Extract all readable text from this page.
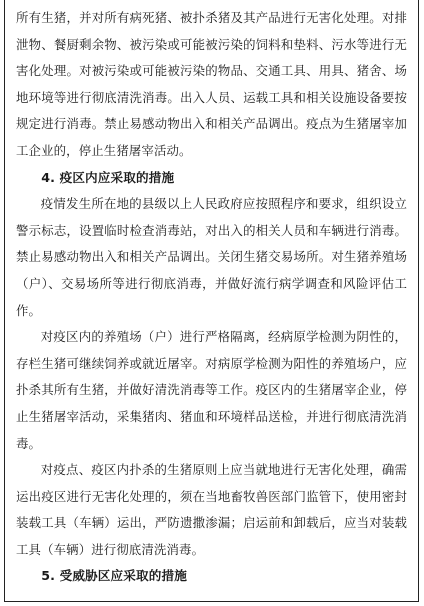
所有生猪，并对所有病死猪、被扑杀猪及其产品进行无害化处理。对排泄物、餐厨剩余物、被污染或可能被污染的饲料和垫料、污水等进行无害化处理。对被污染或可能被污染的物品、交通工具、用具、猪舍、场地环境等进行彻底清洗消毒。出入人员、运载工具和相关设施设备要按规定进行消毒。禁止易感动物出入和相关产品调出。疫点为生猪屠宰加工企业的，停止生猪屠宰活动。

4. 疫区内应采取的措施

疫情发生所在地的县级以上人民政府应按照程序和要求，组织设立警示标志，设置临时检查消毒站，对出入的相关人员和车辆进行消毒。禁止易感动物出入和相关产品调出。关闭生猪交易场所。对生猪养殖场（户）、交易场所等进行彻底消毒，并做好流行病学调查和风险评估工作。

对疫区内的养殖场（户）进行严格隔离，经病原学检测为阴性的，存栏生猪可继续饲养或就近屠宰。对病原学检测为阳性的养殖场户，应扑杀其所有生猪，并做好清洗消毒等工作。疫区内的生猪屠宰企业，停止生猪屠宰活动，采集猪肉、猪血和环境样品送检，并进行彻底清洗消毒。

对疫点、疫区内扑杀的生猪原则上应当就地进行无害化处理，确需运出疫区进行无害化处理的，须在当地畜牧兽医部门监管下，使用密封装载工具（车辆）运出，严防遗撒渗漏；启运前和卸载后，应当对装载工具（车辆）进行彻底清洗消毒。

5. 受威胁区应采取的措施
